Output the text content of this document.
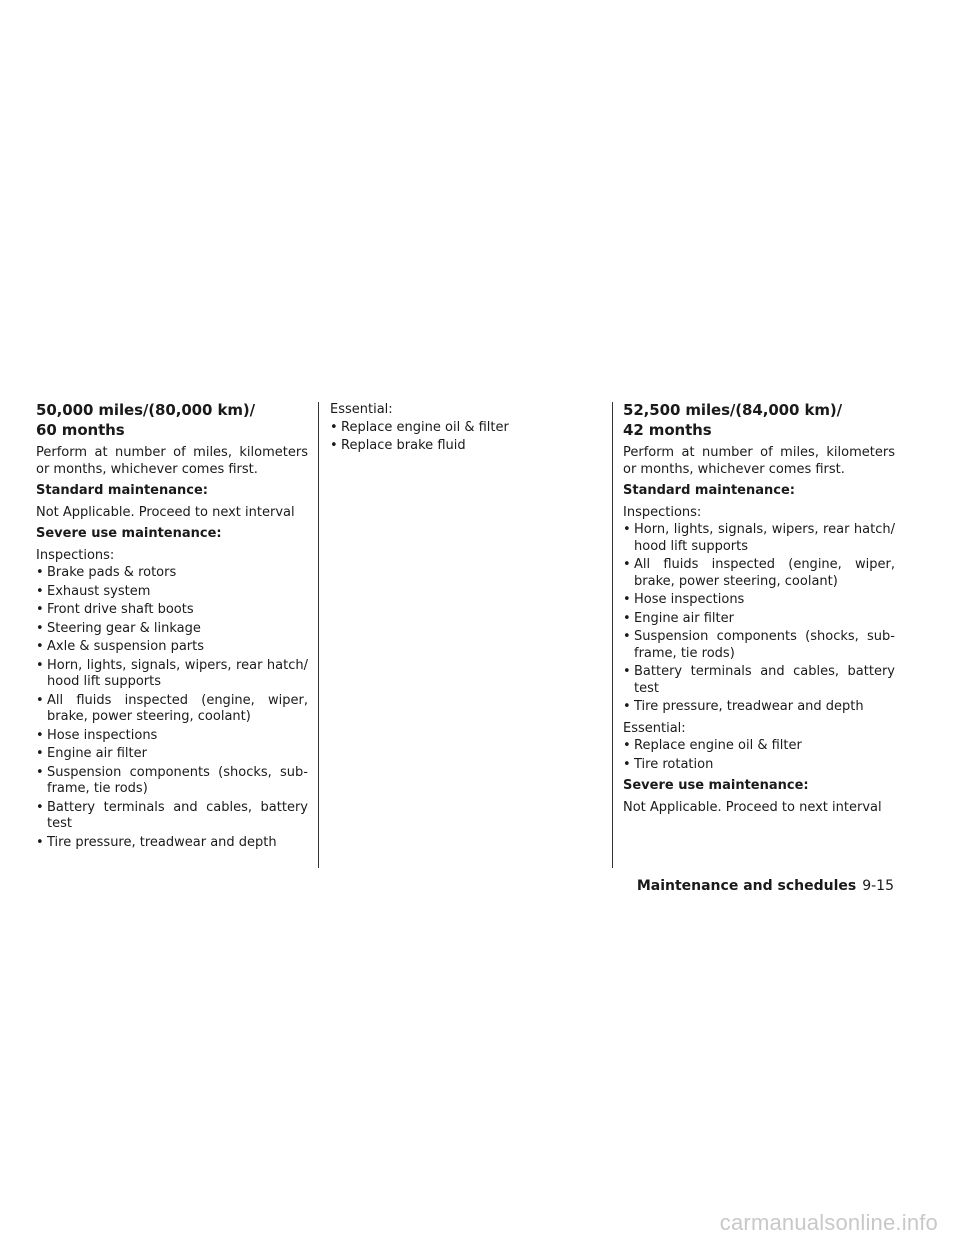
50,000 miles/(80,000 km)/
60 months
Perform at number of miles, kilometers or months, whichever comes first.
Standard maintenance:
Not Applicable. Proceed to next interval
Severe use maintenance:
Inspections:
• Brake pads & rotors
• Exhaust system
• Front drive shaft boots
• Steering gear & linkage
• Axle & suspension parts
• Horn, lights, signals, wipers, rear hatch/ hood lift supports
• All fluids inspected (engine, wiper, brake, power steering, coolant)
• Hose inspections
• Engine air filter
• Suspension components (shocks, sub- frame, tie rods)
• Battery terminals and cables, battery test
• Tire pressure, treadwear and depth
Essential:
• Replace engine oil & filter
• Replace brake fluid
52,500 miles/(84,000 km)/
42 months
Perform at number of miles, kilometers or months, whichever comes first.
Standard maintenance:
Inspections:
• Horn, lights, signals, wipers, rear hatch/ hood lift supports
• All fluids inspected (engine, wiper, brake, power steering, coolant)
• Hose inspections
• Engine air filter
• Suspension components (shocks, sub- frame, tie rods)
• Battery terminals and cables, battery test
• Tire pressure, treadwear and depth
Essential:
• Replace engine oil & filter
• Tire rotation
Severe use maintenance:
Not Applicable. Proceed to next interval
Maintenance and schedules 9-15
carmanualsonline.info
